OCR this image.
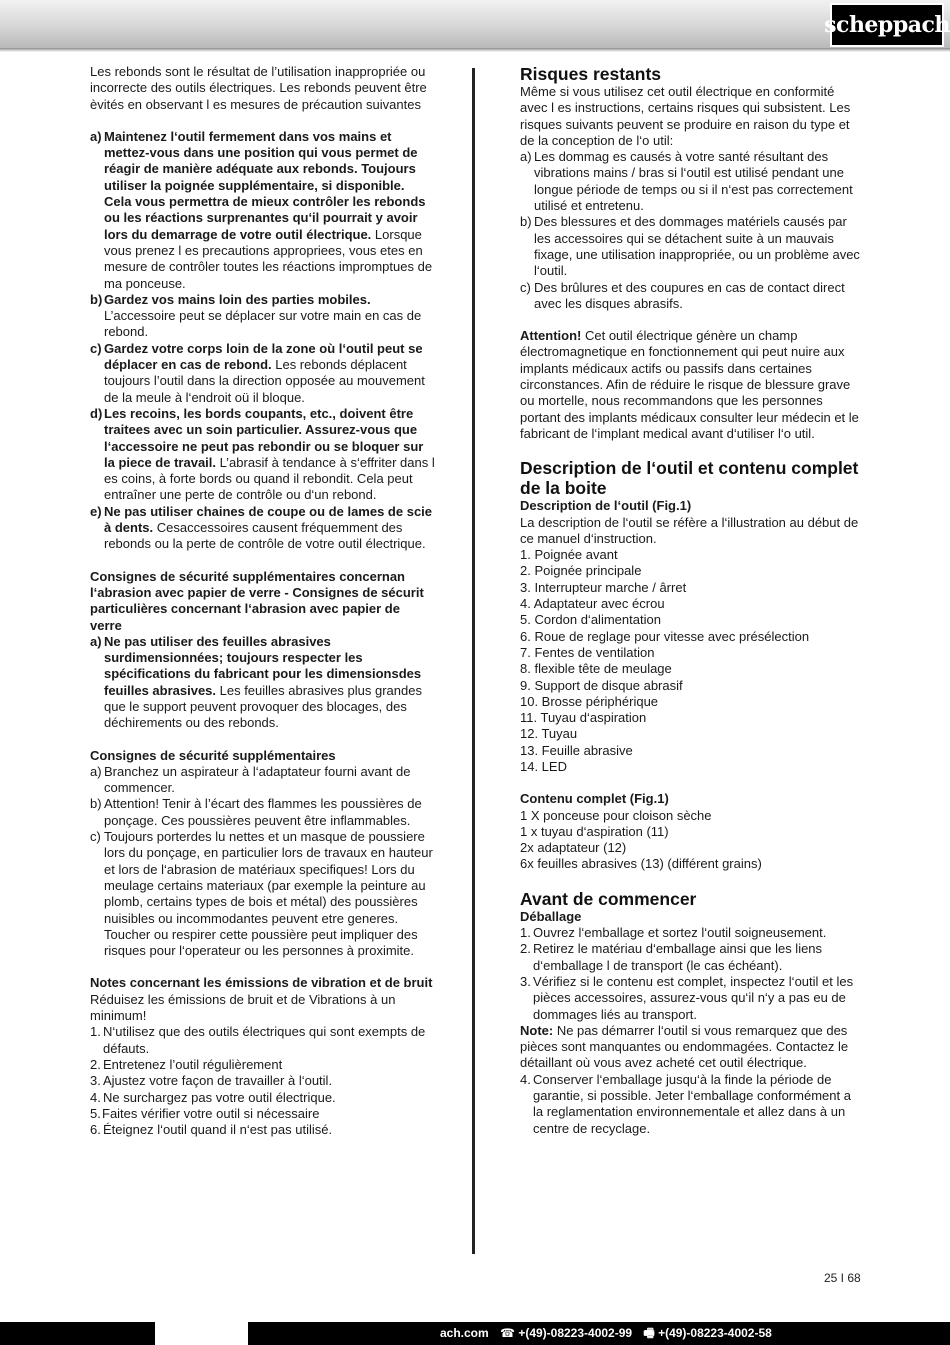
scheppach

Les rebonds sont le résultat de l’utilisation inappropriée ou incorrecte des outils électriques. Les rebonds peuvent être èvités en observant l es mesures de précaution suivantes

a) Maintenez l‘outil fermement dans vos mains et mettez-vous dans une position qui vous permet de réagir de manière adéquate aux rebonds. Toujours utiliser la poignée supplémentaire, si disponible. Cela vous permettra de mieux contrôler les rebonds ou les réactions surprenantes qu‘il pourrait y avoir lors du demarrage de votre outil électrique. Lorsque vous prenez l es precautions appropriees, vous etes en mesure de contrôler toutes les réactions impromptues de ma ponceuse.
b) Gardez vos mains loin des parties mobiles. L’accessoire peut se déplacer sur votre main en cas de rebond.
c) Gardez votre corps loin de la zone où l‘outil peut se déplacer en cas de rebond. Les rebonds déplacent toujours l’outil dans la direction opposée au mouvement de la meule à l‘endroit oü il bloque.
d) Les recoins, les bords coupants, etc., doivent être traitees avec un soin particulier. Assurez-vous que l‘accessoire ne peut pas rebondir ou se bloquer sur la piece de travail. L’abrasif à tendance à s‘effriter dans l es coins, à forte bords ou quand il rebondit. Cela peut entraîner une perte de contrôle ou d‘un rebond.
e) Ne pas utiliser chaines de coupe ou de lames de scie à dents. Cesaccessoires causent fréquemment des rebonds ou la perte de contrôle de votre outil électrique.
Consignes de sécurité supplémentaires concernan l‘abrasion avec papier de verre - Consignes de sécurit particulières concernant l‘abrasion avec papier de verre
a) Ne pas utiliser des feuilles abrasives surdimensionnées; toujours respecter les spécifications du fabricant pour les dimensionsdes feuilles abrasives. Les feuilles abrasives plus grandes que le support peuvent provoquer des blocages, des déchirements ou des rebonds.
Consignes de sécurité supplémentaires
a) Branchez un aspirateur à l‘adaptateur fourni avant de commencer.
b) Attention! Tenir à l’écart des flammes les poussières de ponçage. Ces poussières peuvent être inflammables.
c) Toujours porterdes lu nettes et un masque de poussiere lors du ponçage, en particulier lors de travaux en hauteur et lors de l‘abrasion de matériaux specifiques! Lors du meulage certains materiaux (par exemple la peinture au plomb, certains types de bois et métal) des poussières nuisibles ou incommodantes peuvent etre generes. Toucher ou respirer cette poussière peut impliquer des risques pour l‘operateur ou les personnes à proximite.
Notes concernant les émissions de vibration et de bruit

Réduisez les émissions de bruit et de Vibrations à un minimum!

1. N‘utilisez que des outils électriques qui sont exempts de défauts.
2. Entretenez l’outil régulièrement
3. Ajustez votre façon de travailler à l‘outil.
4. Ne surchargez pas votre outil électrique.
5. Faites vérifier votre outil si nécessaire
6. Éteignez l‘outil quand il n‘est pas utilisé.
Risques restants

Même si vous utilisez cet outil électrique en conformité avec l es instructions, certains risques qui subsistent. Les risques suivants peuvent se produire en raison du type et de la conception de l‘o util:

a) Les dommag es causés à votre santé résultant des vibrations mains / bras si l‘outil est utilisé pendant une longue période de temps ou si il n‘est pas correctement utilisé et entretenu.
b) Des blessures et des dommages matériels causés par les accessoires qui se détachent suite à un mauvais fixage, une utilisation inappropriée, ou un problème avec l‘outil.
c) Des brûlures et des coupures en cas de contact direct avec les disques abrasifs.

Attention! Cet outil électrique génère un champ électromagnetique en fonctionnement qui peut nuire aux implants médicaux actifs ou passifs dans certaines circonstances. Afin de réduire le risque de blessure grave ou mortelle, nous recommandons que les personnes portant des implants médicaux consulter leur médecin et le fabricant de l‘implant medical avant d‘utiliser l‘o util.

Description de l‘outil et contenu complet de la boite
Description de l‘outil (Fig.1)

La description de l‘outil se réfère a l‘illustration au début de ce manuel d‘instruction.

1. Poignée avant

2. Poignée principale

3. Interrupteur marche / ârret

4. Adaptateur avec écrou

5. Cordon d‘alimentation

6. Roue de reglage pour vitesse avec présélection

7. Fentes de ventilation

8. flexible tête de meulage

9. Support de disque abrasif

10. Brosse périphérique

11. Tuyau d‘aspiration

12. Tuyau

13. Feuille abrasive

14. LED

Contenu complet (Fig.1)

1 X ponceuse pour cloison sèche

1 x tuyau d‘aspiration (11)

2x adaptateur (12)

6x feuilles abrasives (13) (différent grains)

Avant de commencer
Déballage
1. Ouvrez l‘emballage et sortez l‘outil soigneusement.
2. Retirez le matériau d‘emballage ainsi que les liens d‘emballage l de transport (le cas échéant).
3. Vérifiez si le contenu est complet, inspectez l‘outil et les pièces accessoires, assurez-vous qu‘il n‘y a pas eu de dommages liés au transport.

Note: Ne pas démarrer l‘outil si vous remarquez que des pièces sont manquantes ou endommagées. Contactez le détaillant où vous avez acheté cet outil électrique.

4. Conserver l‘emballage jusqu‘à la finde la période de garantie, si possible. Jeter l‘emballage conformément a la reglamentation environnementale et allez dans à un centre de recyclage.
25 I 68
ach.com ☎ +(49)-08223-4002-99 🖷 +(49)-08223-4002-58
